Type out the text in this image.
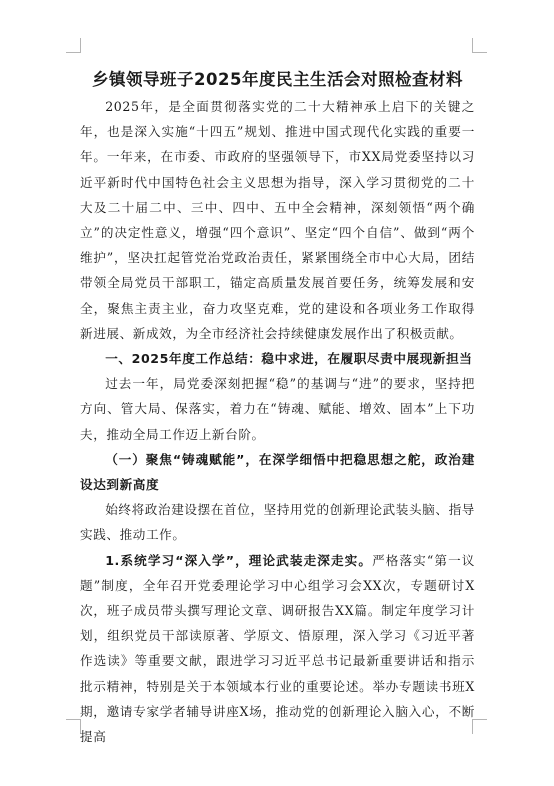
乡镇领导班子2025年度民主生活会对照检查材料

2025年，是全面贯彻落实党的二十大精神承上启下的关键之年，也是深入实施“十四五”规划、推进中国式现代化实践的重要一年。一年来，在市委、市政府的坚强领导下，市XX局党委坚持以习近平新时代中国特色社会主义思想为指导，深入学习贯彻党的二十大及二十届二中、三中、四中、五中全会精神，深刻领悟“两个确立”的决定性意义，增强“四个意识”、坚定“四个自信”、做到“两个维护”，坚决扛起管党治党政治责任，紧紧围绕全市中心大局，团结带领全局党员干部职工，锚定高质量发展首要任务，统筹发展和安全，聚焦主责主业，奋力攻坚克难，党的建设和各项业务工作取得新进展、新成效，为全市经济社会持续健康发展作出了积极贡献。

一、2025年度工作总结：稳中求进，在履职尽责中展现新担当

过去一年，局党委深刻把握“稳”的基调与“进”的要求，坚持把方向、管大局、保落实，着力在“铸魂、赋能、增效、固本”上下功夫，推动全局工作迈上新台阶。

（一）聚焦“铸魂赋能”，在深学细悟中把稳思想之舵，政治建设达到新高度

始终将政治建设摆在首位，坚持用党的创新理论武装头脑、指导实践、推动工作。

1.系统学习“深入学”，理论武装走深走实。严格落实“第一议题”制度，全年召开党委理论学习中心组学习会XX次，专题研讨X次，班子成员带头撰写理论文章、调研报告XX篇。制定年度学习计划，组织党员干部读原著、学原文、悟原理，深入学习《习近平著作选读》等重要文献，跟进学习习近平总书记最新重要讲话和指示批示精神，特别是关于本领域本行业的重要论述。举办专题读书班X期，邀请专家学者辅导讲座X场，推动党的创新理论入脑入心，不断提高
